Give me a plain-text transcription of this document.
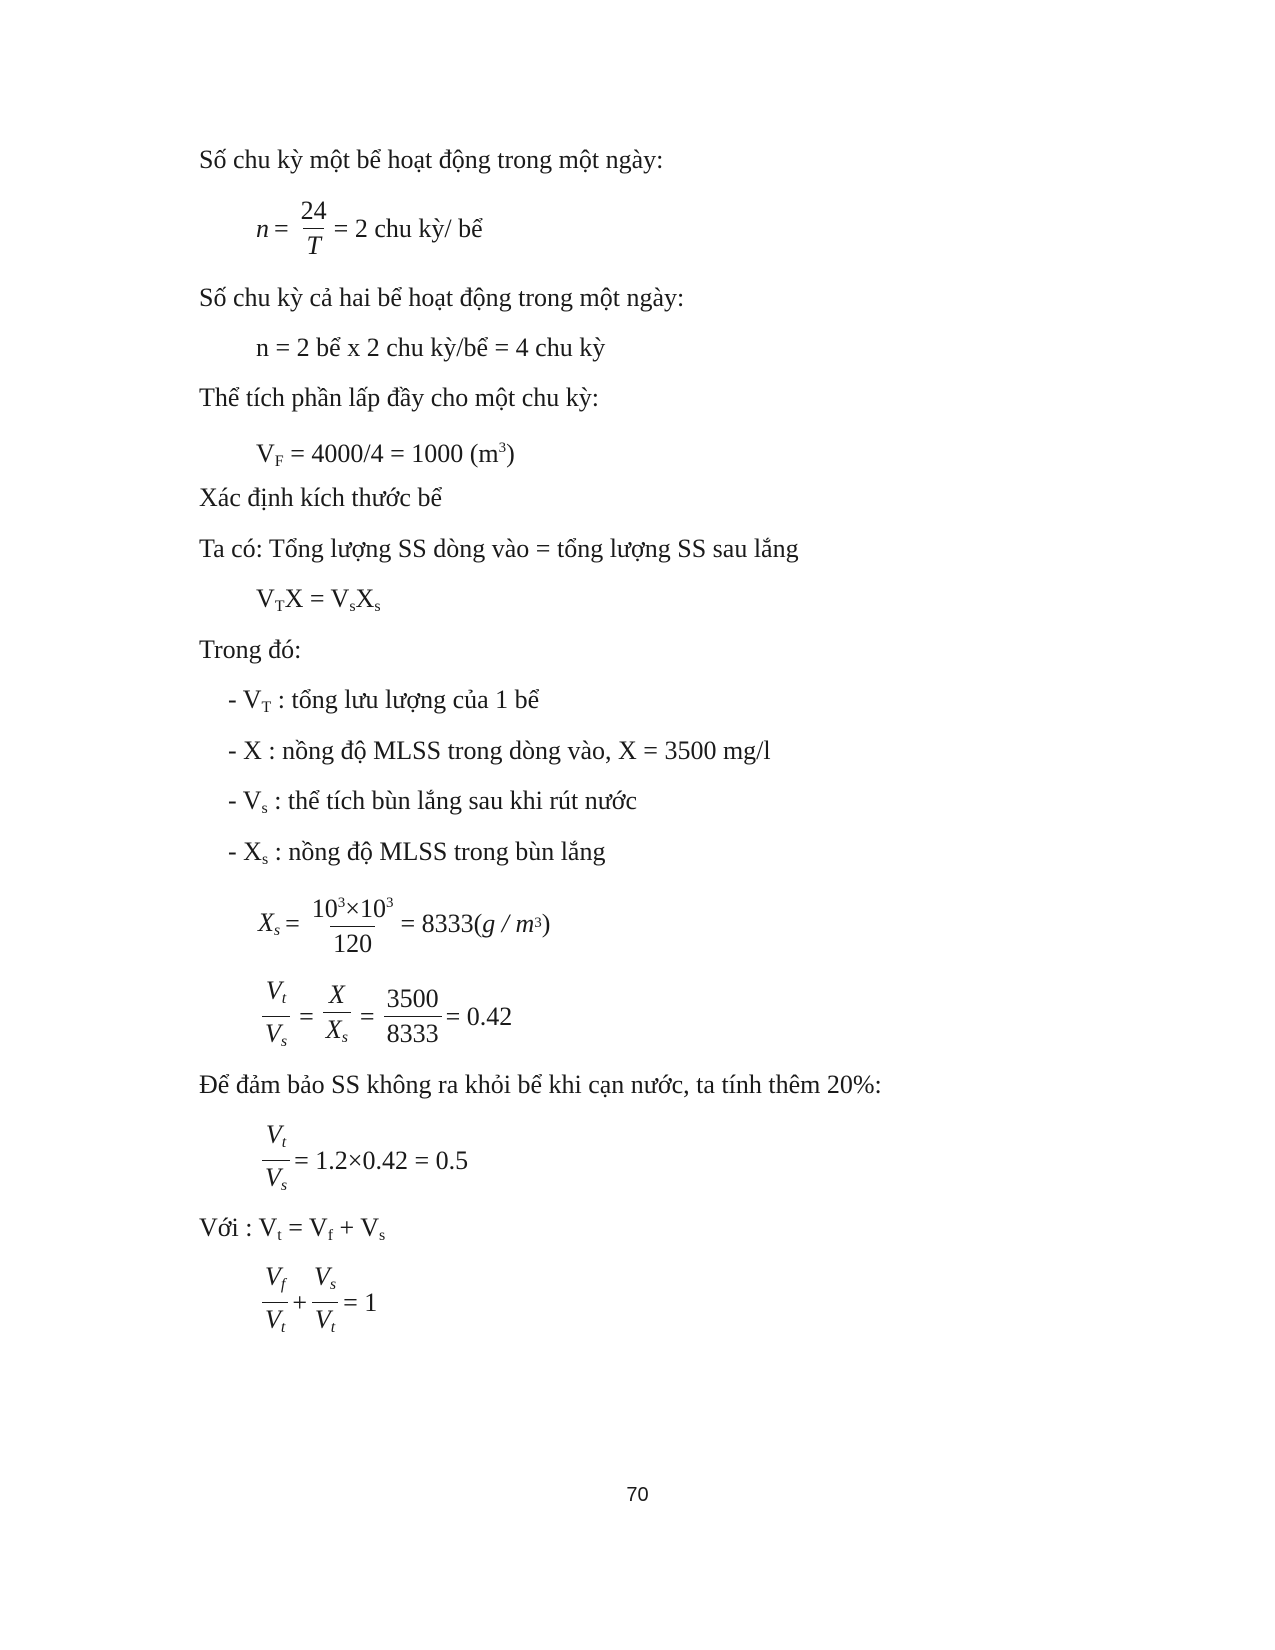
Số chu kỳ một bể hoạt động trong một ngày:
$n = \frac{24}{T} = 2$ chu kỳ/ bể
Số chu kỳ cả hai bể hoạt động trong một ngày:
n = 2 bể x 2 chu kỳ/bể = 4 chu kỳ
Thể tích phần lấp đầy cho một chu kỳ:
$V_F = 4000/4 = 1000$ $(m^3)$
Xác định kích thước bể
Ta có: Tổng lượng SS dòng vào = tổng lượng SS sau lắng
$V_TX = V_sX_s$
Trong đó:
- $V_T$ : tổng lưu lượng của 1 bể
- X : nồng độ MLSS trong dòng vào, X = 3500 mg/l
- $V_s$ : thể tích bùn lắng sau khi rút nước
- $X_s$ : nồng độ MLSS trong bùn lắng
$X_s = \frac{10^3\times 10^3}{120} = 8333$( g / m 3 )
$\frac{V_t}{V_s} = \frac{X}{X_s} = \frac{3500}{8333} = 0.42$
Để đảm bảo SS không ra khỏi bể khi cạn nước, ta tính thêm 20%:
$\frac{V_t}{V_s} = 1.2\times 0.42 = 0.5$
Với : $V_t = V_f + V_s$
$\frac{V_f}{V_t} + \frac{V_s}{V_t} = 1$
70
